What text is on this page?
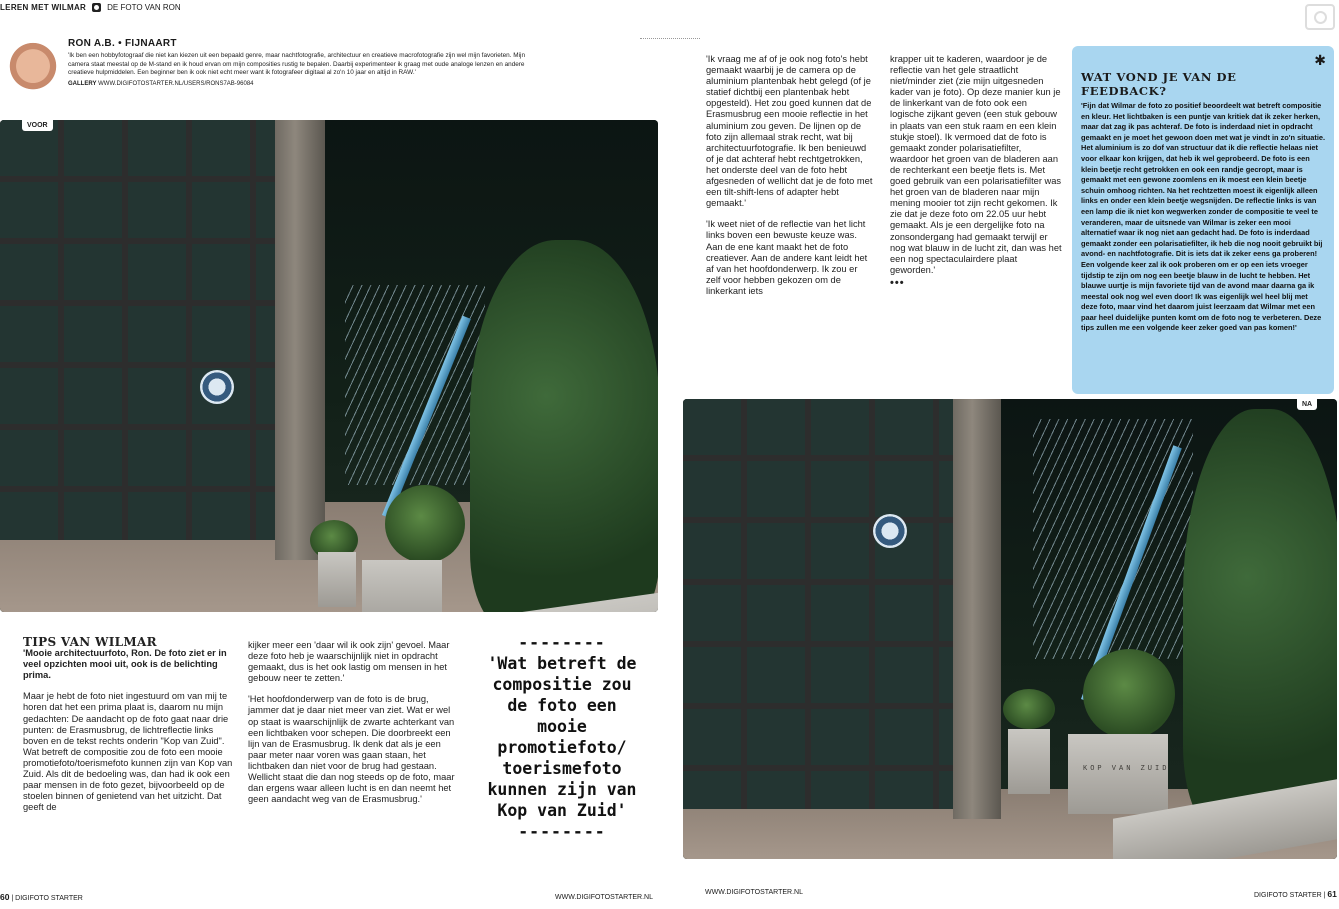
LEREN MET WILMAR	DE FOTO VAN RON
RON A.B. • FIJNAART
'Ik ben een hobbyfotograaf die niet kan kiezen uit een bepaald genre, maar nachtfotografie, architectuur en creatieve macrofotografie zijn wel mijn favorieten. Mijn camera staat meestal op de M-stand en ik houd ervan om mijn composities rustig te bepalen. Daarbij experimenteer ik graag met oude analoge lenzen en andere creatieve hulpmiddelen. Een beginner ben ik ook niet echt meer want ik fotografeer digitaal al zo'n 10 jaar en altijd in RAW.'
GALLERY WWW.DIGIFOTOSTARTER.NL/USERS/RONS7AB-96084
VOOR
TIPS VAN WILMAR

'Mooie architectuurfoto, Ron. De foto ziet er in veel opzichten mooi uit, ook is de belichting prima.

Maar je hebt de foto niet ingestuurd om van mij te horen dat het een prima plaat is, daarom nu mijn gedachten: De aandacht op de foto gaat naar drie punten: de Erasmusbrug, de lichtreflectie links boven en de tekst rechts onderin "Kop van Zuid". Wat betreft de compositie zou de foto een mooie promotiefoto/toerismefoto kunnen zijn van Kop van Zuid. Als dit de bedoeling was, dan had ik ook een paar mensen in de foto gezet, bijvoorbeeld op de stoelen binnen of genietend van het uitzicht. Dat geeft de

kijker meer een 'daar wil ik ook zijn' gevoel. Maar deze foto heb je waarschijnlijk niet in opdracht gemaakt, dus is het ook lastig om mensen in het gebouw neer te zetten.'

'Het hoofdonderwerp van de foto is de brug, jammer dat je daar niet meer van ziet. Wat er wel op staat is waarschijnlijk de zwarte achterkant van een lichtbaken voor schepen. Die doorbreekt een lijn van de Erasmusbrug. Ik denk dat als je een paar meter naar voren was gaan staan, het lichtbaken dan niet voor de brug had gestaan. Wellicht staat die dan nog steeds op de foto, maar dan ergens waar alleen lucht is en dan neemt het geen aandacht weg van de Erasmusbrug.'

--------
'Wat betreft de compositie zou de foto een mooie promotiefoto/ toerismefoto kunnen zijn van Kop van Zuid'
--------

'Ik vraag me af of je ook nog foto's hebt gemaakt waarbij je de camera op de aluminium plantenbak hebt gelegd (of je statief dichtbij een plantenbak hebt opgesteld). Het zou goed kunnen dat de Erasmusbrug een mooie reflectie in het aluminium zou geven. De lijnen op de foto zijn allemaal strak recht, wat bij architectuurfotografie. Ik ben benieuwd of je dat achteraf hebt rechtgetrokken, het onderste deel van de foto hebt afgesneden of wellicht dat je de foto met een tilt-shift-lens of adapter hebt gemaakt.'

'Ik weet niet of de reflectie van het licht links boven een bewuste keuze was. Aan de ene kant maakt het de foto creatiever. Aan de andere kant leidt het af van het hoofdonderwerp. Ik zou er zelf voor hebben gekozen om de linkerkant iets

krapper uit te kaderen, waardoor je de reflectie van het gele straatlicht niet/minder ziet (zie mijn uitgesneden kader van je foto). Op deze manier kun je de linkerkant van de foto ook een logische zijkant geven (een stuk gebouw in plaats van een stuk raam en een klein stukje stoel). Ik vermoed dat de foto is gemaakt zonder polarisatiefilter, waardoor het groen van de bladeren aan de rechterkant een beetje flets is. Met goed gebruik van een polarisatiefilter was het groen van de bladeren naar mijn mening mooier tot zijn recht gekomen. Ik zie dat je deze foto om 22.05 uur hebt gemaakt. Als je een dergelijke foto na zonsondergang had gemaakt terwijl er nog wat blauw in de lucht zit, dan was het een nog spectaculairdere plaat geworden.'

•••
✱
WAT VOND JE VAN DE FEEDBACK?
'Fijn dat Wilmar de foto zo positief beoordeelt wat betreft compositie en kleur. Het lichtbaken is een puntje van kritiek dat ik zeker herken, maar dat zag ik pas achteraf. De foto is inderdaad niet in opdracht gemaakt en je moet het gewoon doen met wat je vindt in zo'n situatie. Het aluminium is zo dof van structuur dat ik die reflectie helaas niet voor elkaar kon krijgen, dat heb ik wel geprobeerd. De foto is een klein beetje recht getrokken en ook een randje gecropt, maar is gemaakt met een gewone zoomlens en ik moest een klein beetje schuin omhoog richten. Na het rechtzetten moest ik eigenlijk alleen links en onder een klein beetje wegsnijden. De reflectie links is van een lamp die ik niet kon wegwerken zonder de compositie te veel te veranderen, maar de uitsnede van Wilmar is zeker een mooi alternatief waar ik nog niet aan gedacht had. De foto is inderdaad gemaakt zonder een polarisatiefilter, ik heb die nog nooit gebruikt bij avond- en nachtfotografie. Dit is iets dat ik zeker eens ga proberen! Een volgende keer zal ik ook proberen om er op een iets vroeger tijdstip te zijn om nog een beetje blauw in de lucht te hebben. Het blauwe uurtje is mijn favoriete tijd van de avond maar daarna ga ik meestal ook nog wel even door! Ik was eigenlijk wel heel blij met deze foto, maar vind het daarom juist leerzaam dat Wilmar met een paar heel duidelijke punten komt om de foto nog te verbeteren. Deze tips zullen me een volgende keer zeker goed van pas komen!'
KOP VAN ZUID
NA
60 | DIGIFOTO STARTER	WWW.DIGIFOTOSTARTER.NL
WWW.DIGIFOTOSTARTER.NL	DIGIFOTO STARTER | 61
